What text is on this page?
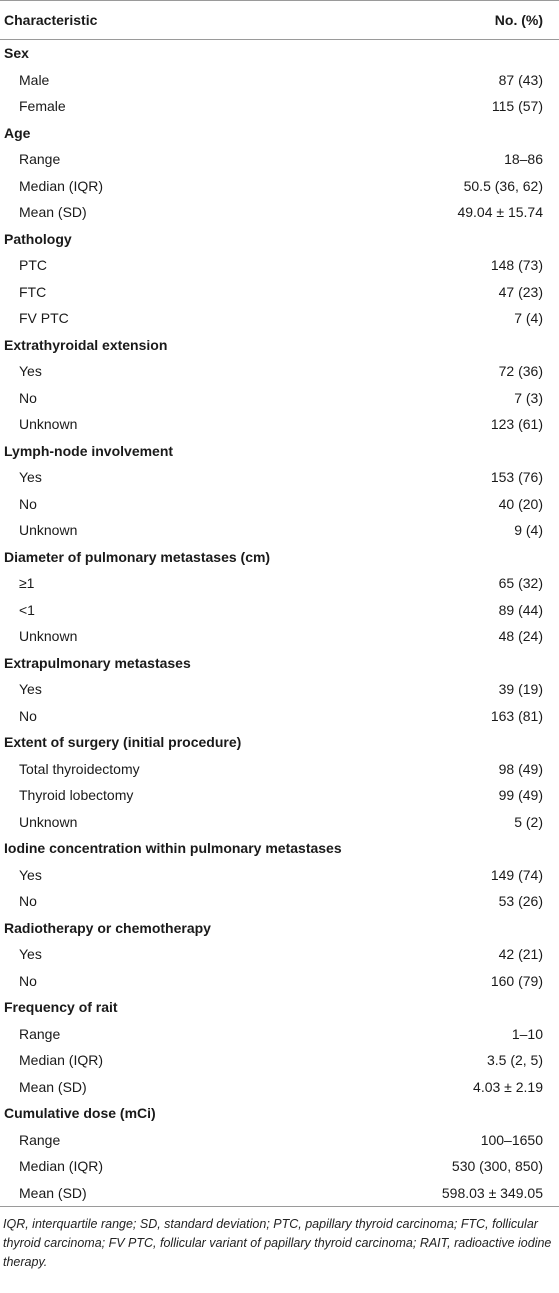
Characteristic	No. (%)
Sex
Male	87 (43)
Female	115 (57)
Age
Range	18–86
Median (IQR)	50.5 (36, 62)
Mean (SD)	49.04 ± 15.74
Pathology
PTC	148 (73)
FTC	47 (23)
FV PTC	7 (4)
Extrathyroidal extension
Yes	72 (36)
No	7 (3)
Unknown	123 (61)
Lymph-node involvement
Yes	153 (76)
No	40 (20)
Unknown	9 (4)
Diameter of pulmonary metastases (cm)
≥1	65 (32)
<1	89 (44)
Unknown	48 (24)
Extrapulmonary metastases
Yes	39 (19)
No	163 (81)
Extent of surgery (initial procedure)
Total thyroidectomy	98 (49)
Thyroid lobectomy	99 (49)
Unknown	5 (2)
Iodine concentration within pulmonary metastases
Yes	149 (74)
No	53 (26)
Radiotherapy or chemotherapy
Yes	42 (21)
No	160 (79)
Frequency of rait
Range	1–10
Median (IQR)	3.5 (2, 5)
Mean (SD)	4.03 ± 2.19
Cumulative dose (mCi)
Range	100–1650
Median (IQR)	530 (300, 850)
Mean (SD)	598.03 ± 349.05
IQR, interquartile range; SD, standard deviation; PTC, papillary thyroid carcinoma; FTC, follicular thyroid carcinoma; FV PTC, follicular variant of papillary thyroid carcinoma; RAIT, radioactive iodine therapy.
